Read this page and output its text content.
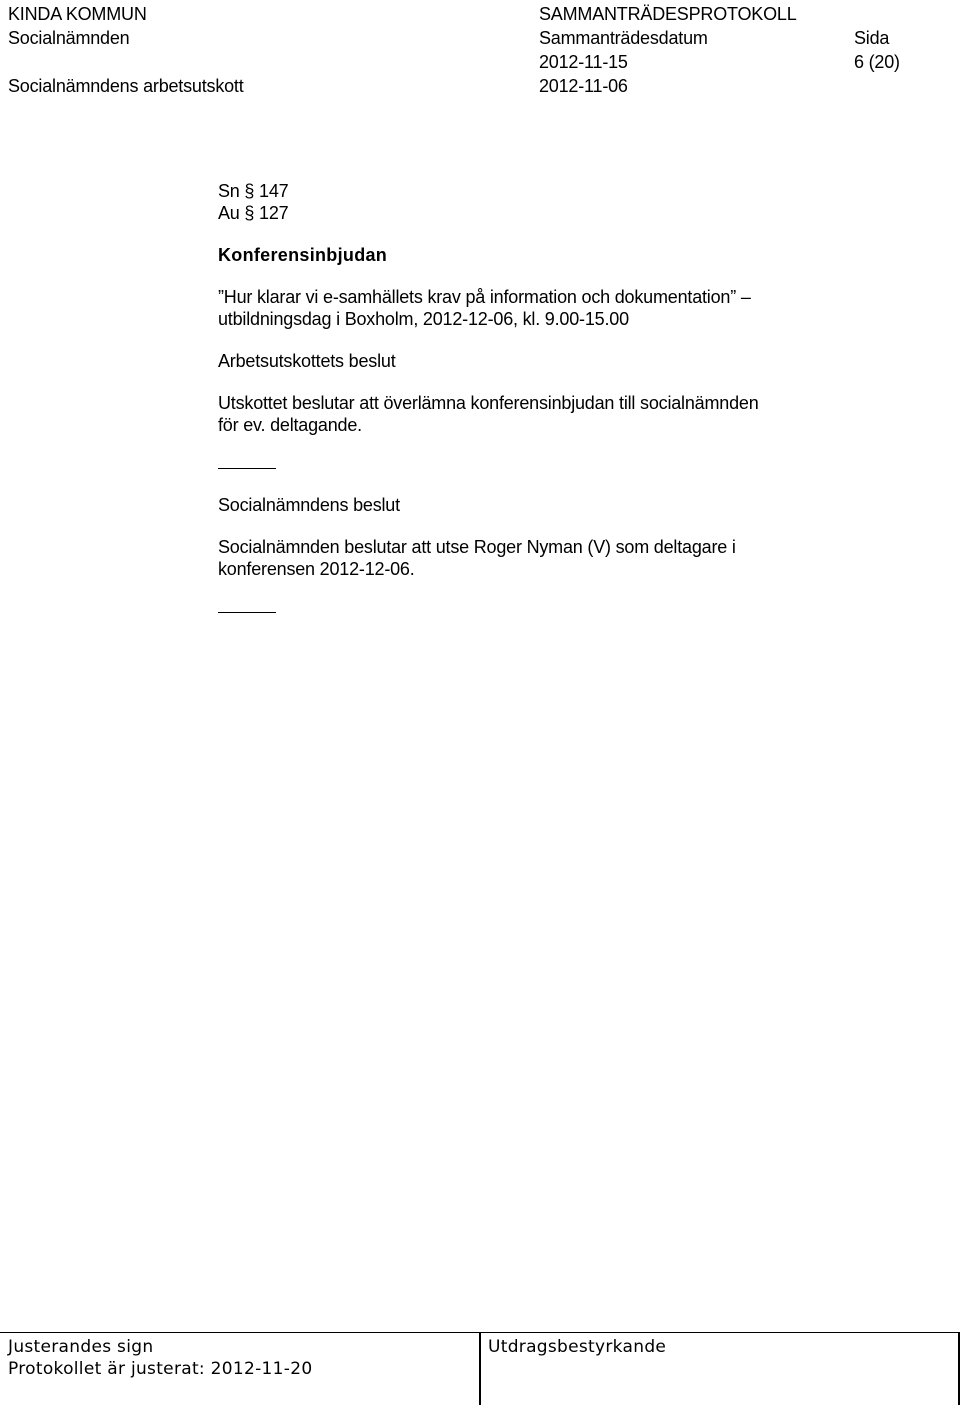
KINDA KOMMUN	SAMMANTRÄDESPROTOKOLL
Socialnämnden	Sammanträdesdatum	Sida
2012-11-15	6 (20)
Socialnämndens arbetsutskott	2012-11-06

Sn § 147

Au § 127

Konferensinbjudan

”Hur klarar vi e-samhällets krav på information och dokumentation” –

utbildningsdag i Boxholm, 2012-12-06, kl. 9.00-15.00

Arbetsutskottets beslut

Utskottet beslutar att överlämna konferensinbjudan till socialnämnden

för ev. deltagande.

Socialnämndens beslut

Socialnämnden beslutar att utse Roger Nyman (V) som deltagare i

konferensen 2012-12-06.

Justerandes sign	Utdragsbestyrkande
Protokollet är justerat: 2012-11-20
